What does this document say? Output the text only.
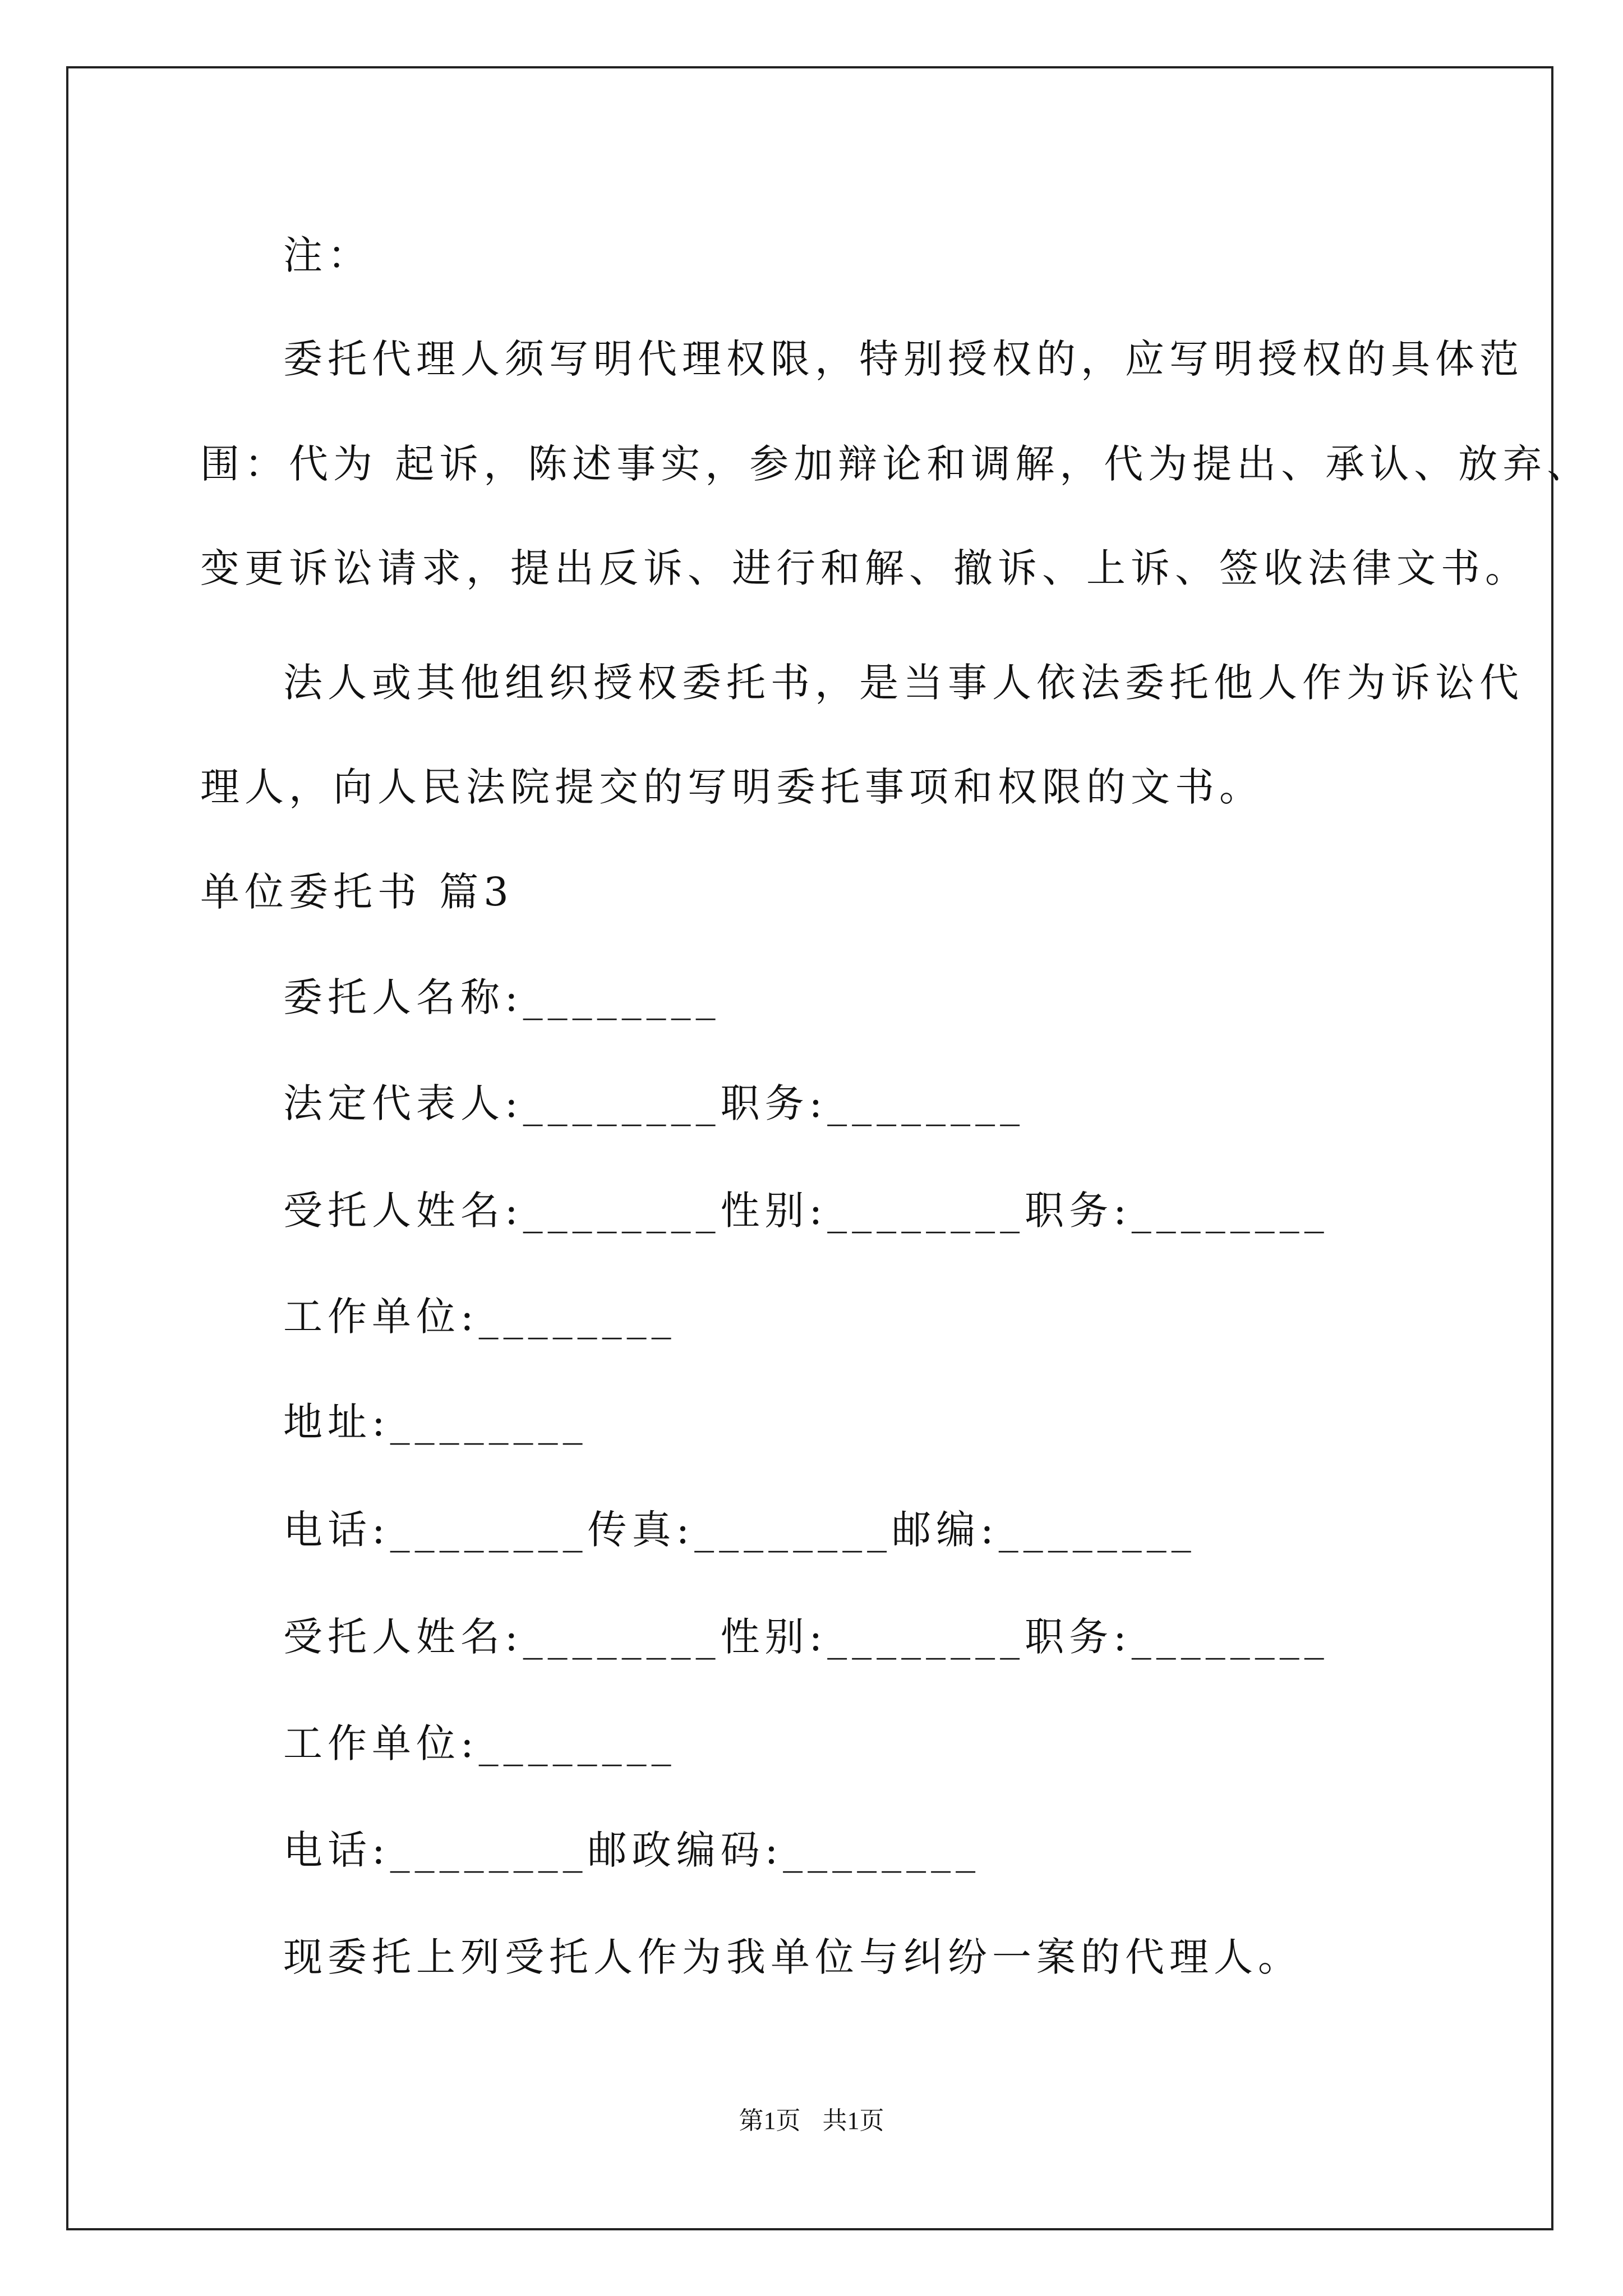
注：
委托代理人须写明代理权限，特别授权的，应写明授权的具体范
围：代为 起诉，陈述事实，参加辩论和调解，代为提出、承认、放弃、
变更诉讼请求，提出反诉、进行和解、撤诉、上诉、签收法律文书。
法人或其他组织授权委托书，是当事人依法委托他人作为诉讼代
理人，向人民法院提交的写明委托事项和权限的文书。
单位委托书 篇3
委托人名称:________
法定代表人:________职务:________
受托人姓名:________性别:________职务:________
工作单位:________
地址:________
电话:________传真:________邮编:________
受托人姓名:________性别:________职务:________
工作单位:________
电话:________邮政编码:________
现委托上列受托人作为我单位与纠纷一案的代理人。
第1页 共1页
